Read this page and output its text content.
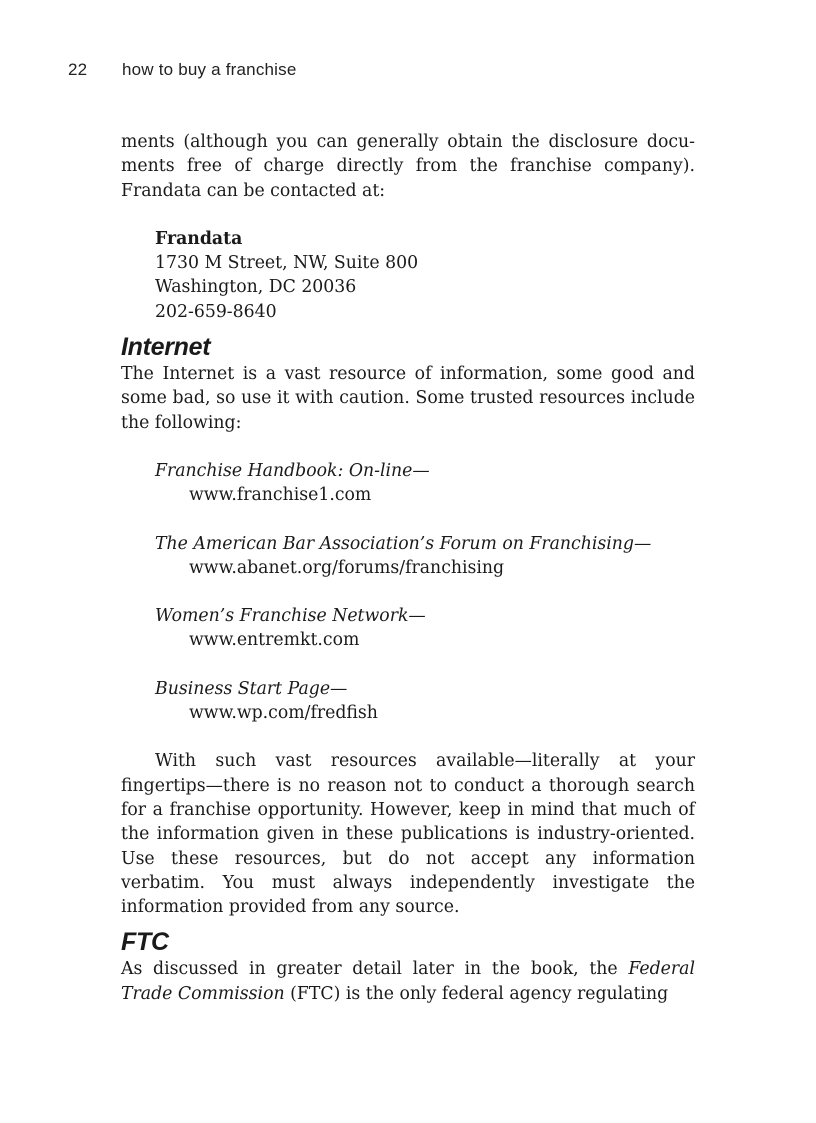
22 how to buy a franchise

ments (although you can generally obtain the disclosure docu-

ments free of charge directly from the franchise company).

Frandata can be contacted at:

Frandata
1730 M Street, NW, Suite 800
Washington, DC 20036
202-659-8640
Internet

The Internet is a vast resource of information, some good and some bad, so use it with caution. Some trusted resources include the following:

Franchise Handbook: On-line—
www.franchise1.com
The American Bar Association’s Forum on Franchising—
www.abanet.org/forums/franchising
Women’s Franchise Network—
www.entremkt.com
Business Start Page—
www.wp.com/fredfish

With such vast resources available—literally at your fingertips—there is no reason not to conduct a thorough search for a franchise opportunity. However, keep in mind that much of the information given in these publications is industry-oriented. Use these resources, but do not accept any information verbatim. You must always independently investigate the information provided from any source.

FTC

As discussed in greater detail later in the book, the Federal Trade Commission (FTC) is the only federal agency regulating
